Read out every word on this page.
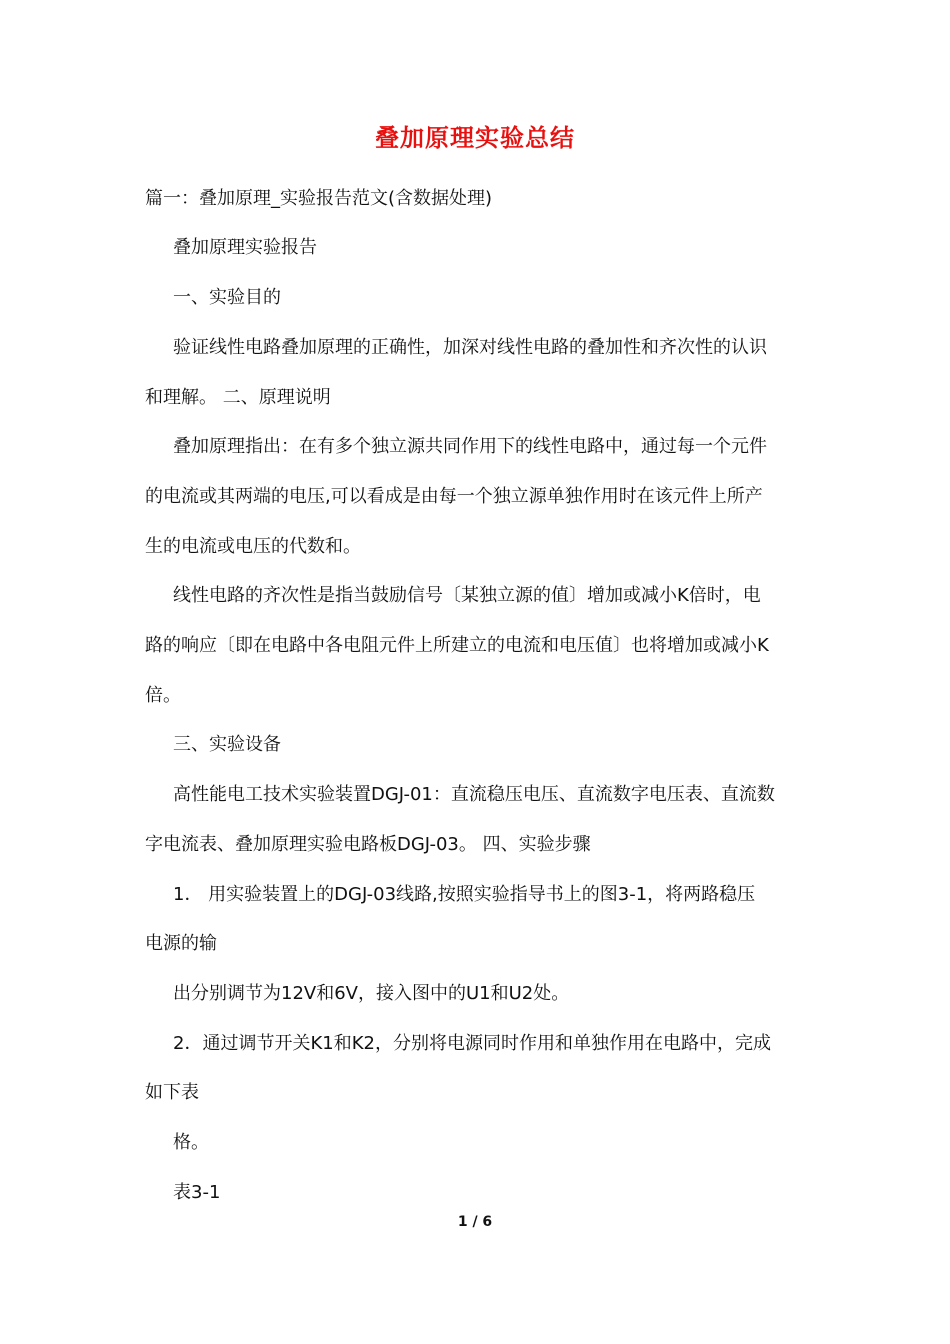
叠加原理实验总结
篇一：叠加原理_实验报告范文(含数据处理)
叠加原理实验报告
一、实验目的
验证线性电路叠加原理的正确性，加深对线性电路的叠加性和齐次性的认识
和理解。 二、原理说明
叠加原理指出：在有多个独立源共同作用下的线性电路中，通过每一个元件
的电流或其两端的电压,可以看成是由每一个独立源单独作用时在该元件上所产
生的电流或电压的代数和。
线性电路的齐次性是指当鼓励信号〔某独立源的值〕增加或减小K倍时，电
路的响应〔即在电路中各电阻元件上所建立的电流和电压值〕也将增加或减小K
倍。
三、实验设备
高性能电工技术实验装置DGJ-01：直流稳压电压、直流数字电压表、直流数
字电流表、叠加原理实验电路板DGJ-03。 四、实验步骤
1． 用实验装置上的DGJ-03线路,按照实验指导书上的图3-1，将两路稳压
电源的输
出分别调节为12V和6V，接入图中的U1和U2处。
2．通过调节开关K1和K2，分别将电源同时作用和单独作用在电路中，完成
如下表
格。
表3-1
1 / 6
